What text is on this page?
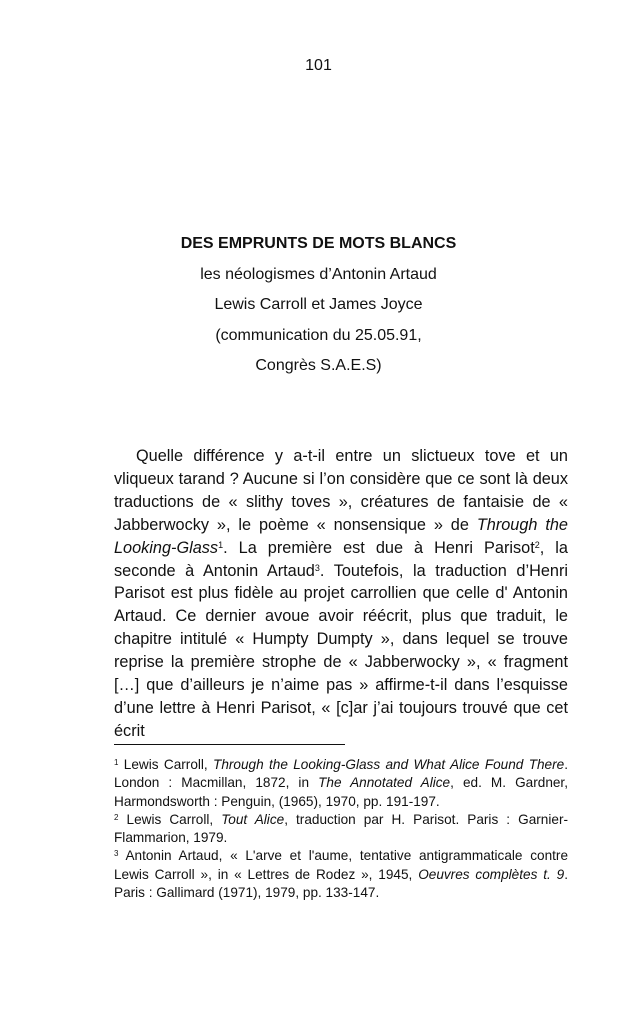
101
DES EMPRUNTS DE MOTS BLANCS
les néologismes d’Antonin Artaud
Lewis Carroll et James Joyce
(communication du 25.05.91,
Congrès S.A.E.S)

Quelle différence y a-t-il entre un slictueux tove et un vliqueux tarand ? Aucune si l’on considère que ce sont là deux traductions de « slithy toves », créatures de fantaisie de « Jabberwocky », le poème « nonsensique » de Through the Looking-Glass$^1$. La première est due à Henri Parisot$^2$, la seconde à Antonin Artaud$^3$. Toutefois, la traduction d’Henri Parisot est plus fidèle au projet carrollien que celle d' Antonin Artaud. Ce dernier avoue avoir réécrit, plus que traduit, le chapitre intitulé « Humpty Dumpty », dans lequel se trouve reprise la première strophe de « Jabberwocky », « fragment […] que d’ailleurs je n’aime pas » affirme-t-il dans l’esquisse d’une lettre à Henri Parisot, « [c]ar j’ai toujours trouvé que cet écrit

$^1$ Lewis Carroll, Through the Looking-Glass and What Alice Found There. London : Macmillan, 1872, in The Annotated Alice, ed. M. Gardner, Harmondsworth : Penguin, (1965), 1970, pp. 191-197.

$^2$ Lewis Carroll, Tout Alice, traduction par H. Parisot. Paris : Garnier-Flammarion, 1979.

$^3$ Antonin Artaud, « L'arve et l'aume, tentative antigrammaticale contre Lewis Carroll », in « Lettres de Rodez », 1945, Oeuvres complètes t. 9. Paris : Gallimard (1971), 1979, pp. 133-147.
